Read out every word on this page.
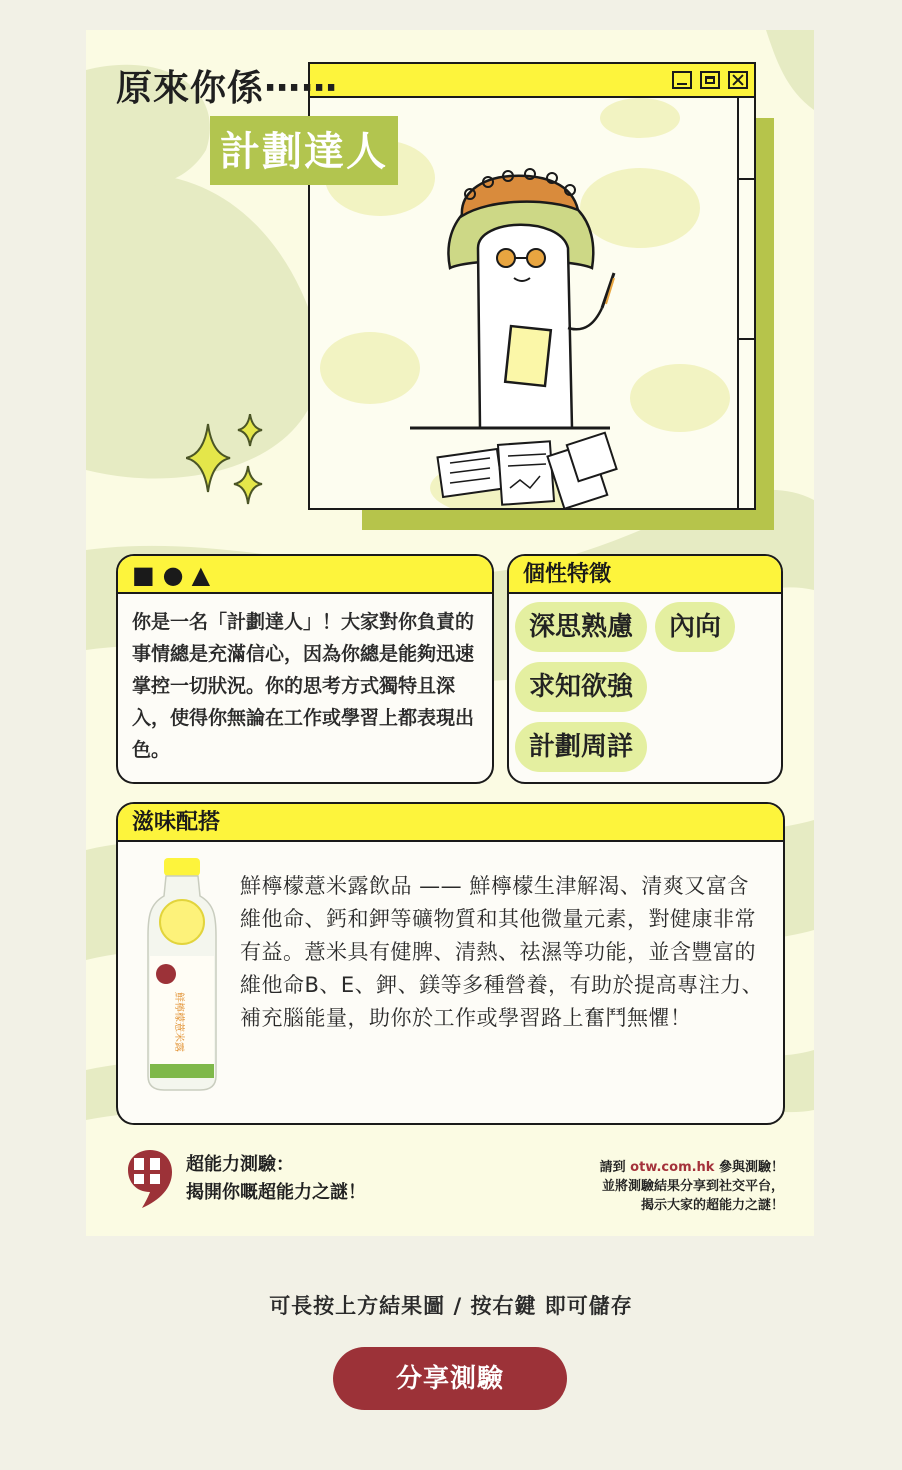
原來你係⋯⋯
計劃達人
■●▲
你是一名「計劃達人」！大家對你負責的事情總是充滿信心，因為你總是能夠迅速掌控一切狀況。你的思考方式獨特且深入，使得你無論在工作或學習上都表現出色。
個性特徵
深思熟慮	內向
求知欲強
計劃周詳
滋味配搭
鮮檸檬薏米露
鮮檸檬薏米露飲品 —— 鮮檸檬生津解渴、清爽又富含維他命、鈣和鉀等礦物質和其他微量元素，對健康非常有益。薏米具有健脾、清熱、祛濕等功能，並含豐富的維他命B、E、鉀、鎂等多種營養，有助於提高專注力、補充腦能量，助你於工作或學習路上奮鬥無懼！
超能力測驗：
揭開你嘅超能力之謎！
請到 otw.com.hk 參與測驗！
並將測驗結果分享到社交平台，
揭示大家的超能力之謎！
可長按上方結果圖 / 按右鍵 即可儲存
分享測驗
